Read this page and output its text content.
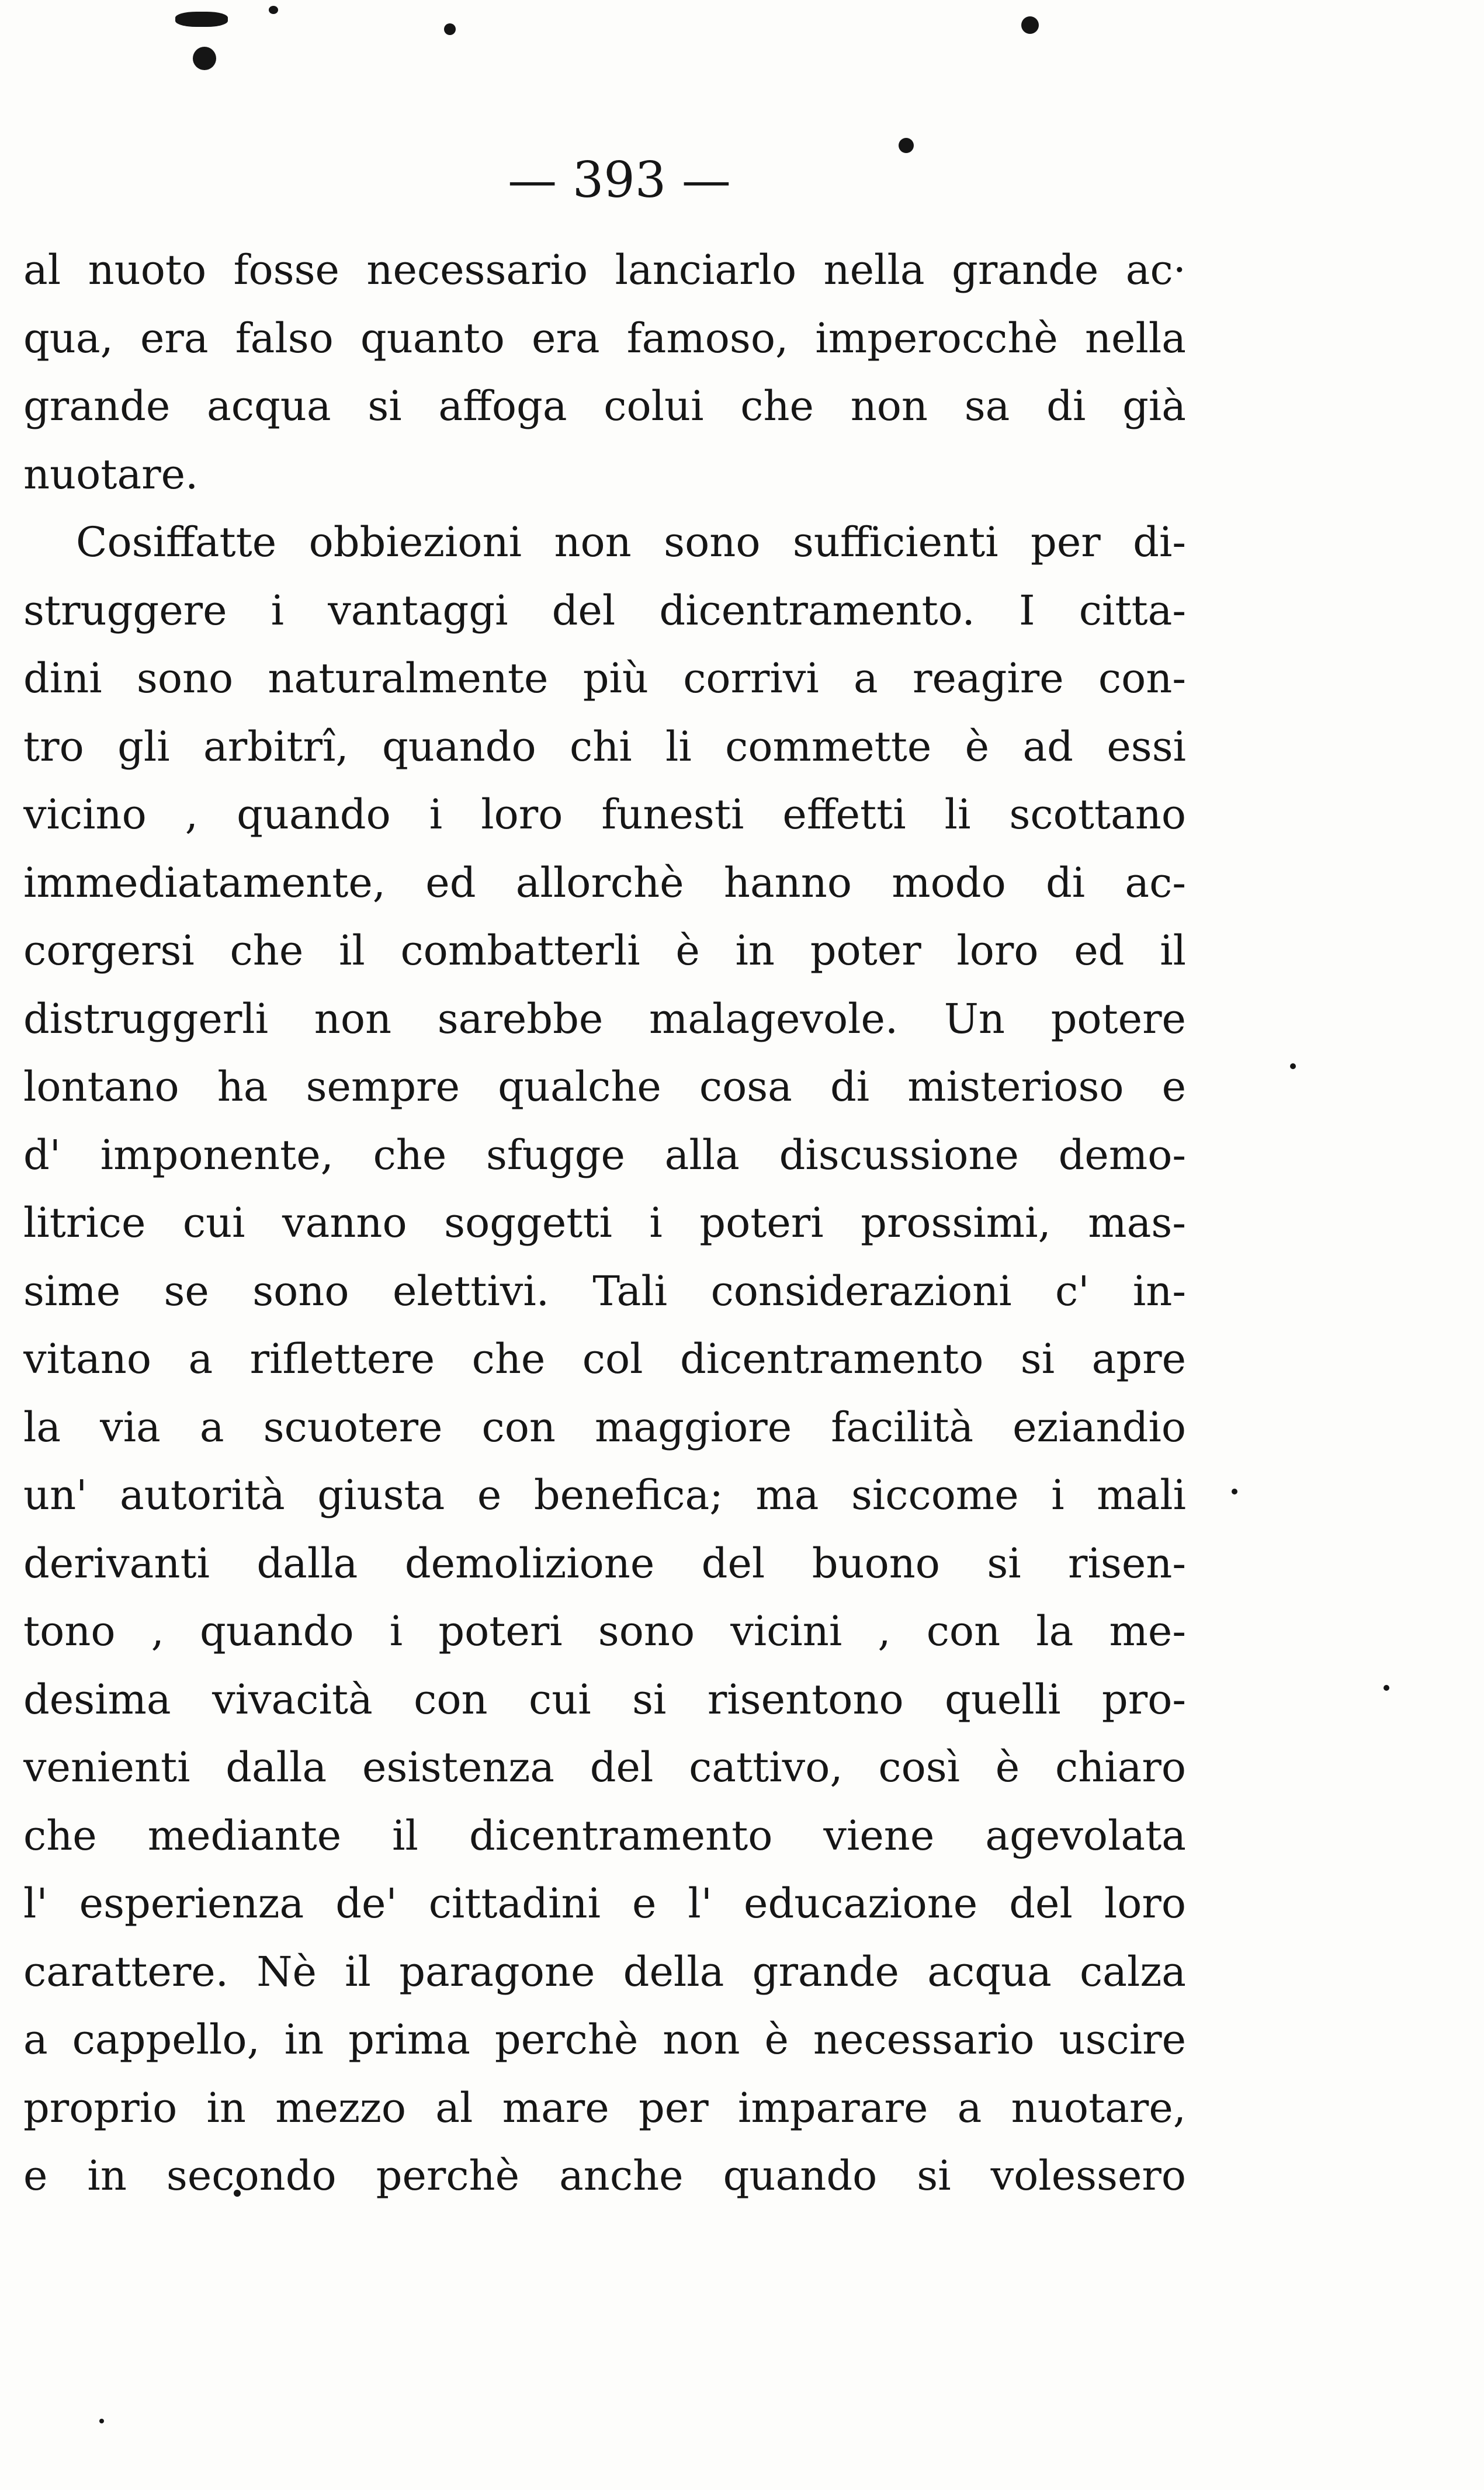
— 393 —
al nuoto fosse necessario lanciarlo nella grande ac·
qua, era falso quanto era famoso, imperocchè nella
grande acqua si affoga colui che non sa di già
nuotare.
Cosiffatte obbiezioni non sono sufficienti per di-
struggere i vantaggi del dicentramento. I citta-
dini sono naturalmente più corrivi a reagire con-
tro gli arbitrî, quando chi li commette è ad essi
vicino , quando i loro funesti effetti li scottano
immediatamente, ed allorchè hanno modo di ac-
corgersi che il combatterli è in poter loro ed il
distruggerli non sarebbe malagevole. Un potere
lontano ha sempre qualche cosa di misterioso e
d' imponente, che sfugge alla discussione demo-
litrice cui vanno soggetti i poteri prossimi, mas-
sime se sono elettivi. Tali considerazioni c' in-
vitano a riflettere che col dicentramento si apre
la via a scuotere con maggiore facilità eziandio
un' autorità giusta e benefica; ma siccome i mali
derivanti dalla demolizione del buono si risen-
tono , quando i poteri sono vicini , con la me-
desima vivacità con cui si risentono quelli pro-
venienti dalla esistenza del cattivo, così è chiaro
che mediante il dicentramento viene agevolata
l' esperienza de' cittadini e l' educazione del loro
carattere. Nè il paragone della grande acqua calza
a cappello, in prima perchè non è necessario uscire
proprio in mezzo al mare per imparare a nuotare,
e in secondo perchè anche quando si volessero
